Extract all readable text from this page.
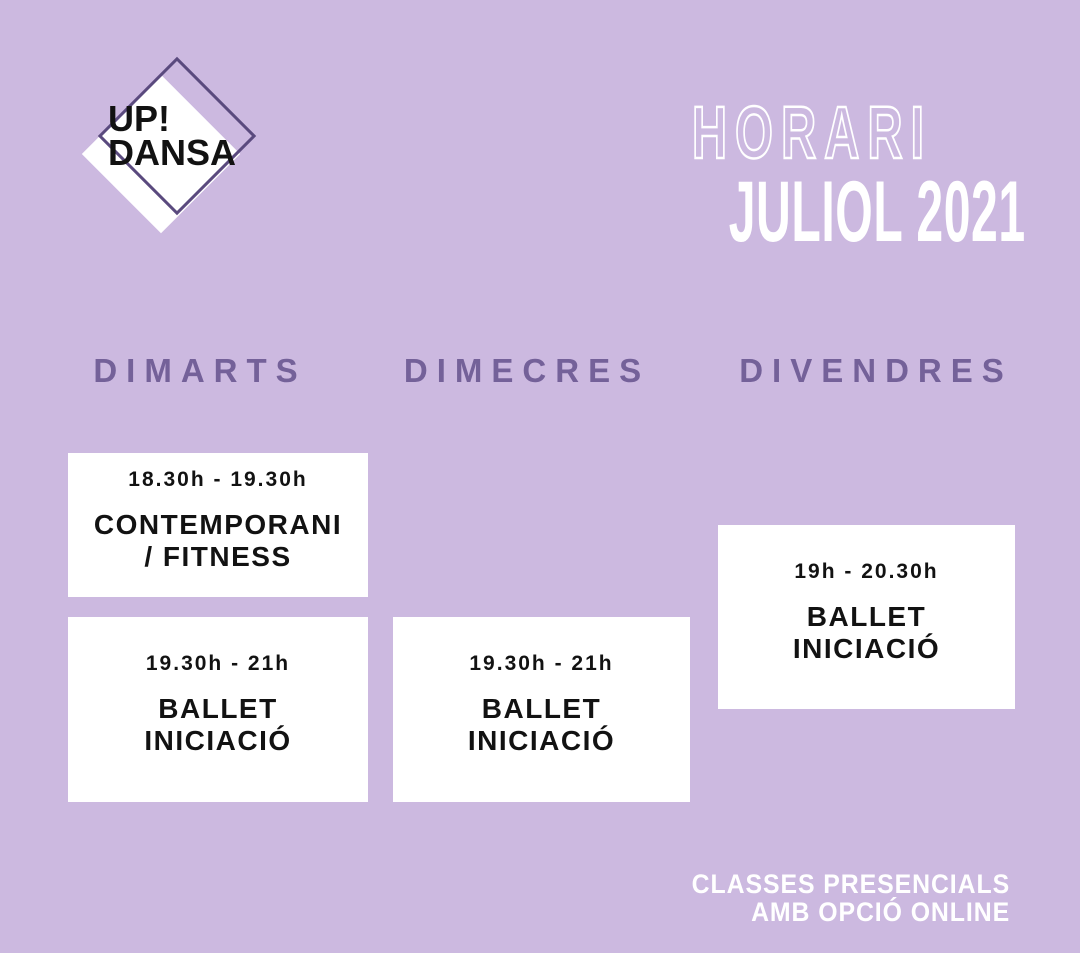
UP!
DANSA	HORARI
JULIOL 2021
DIMARTS	DIMECRES	DIVENDRES
18.30h - 19.30h
CONTEMPORANI
/ FITNESS
19.30h - 21h
BALLET
INICIACIÓ
19.30h - 21h
BALLET
INICIACIÓ
19h - 20.30h
BALLET
INICIACIÓ
CLASSES PRESENCIALS
AMB OPCIÓ ONLINE
